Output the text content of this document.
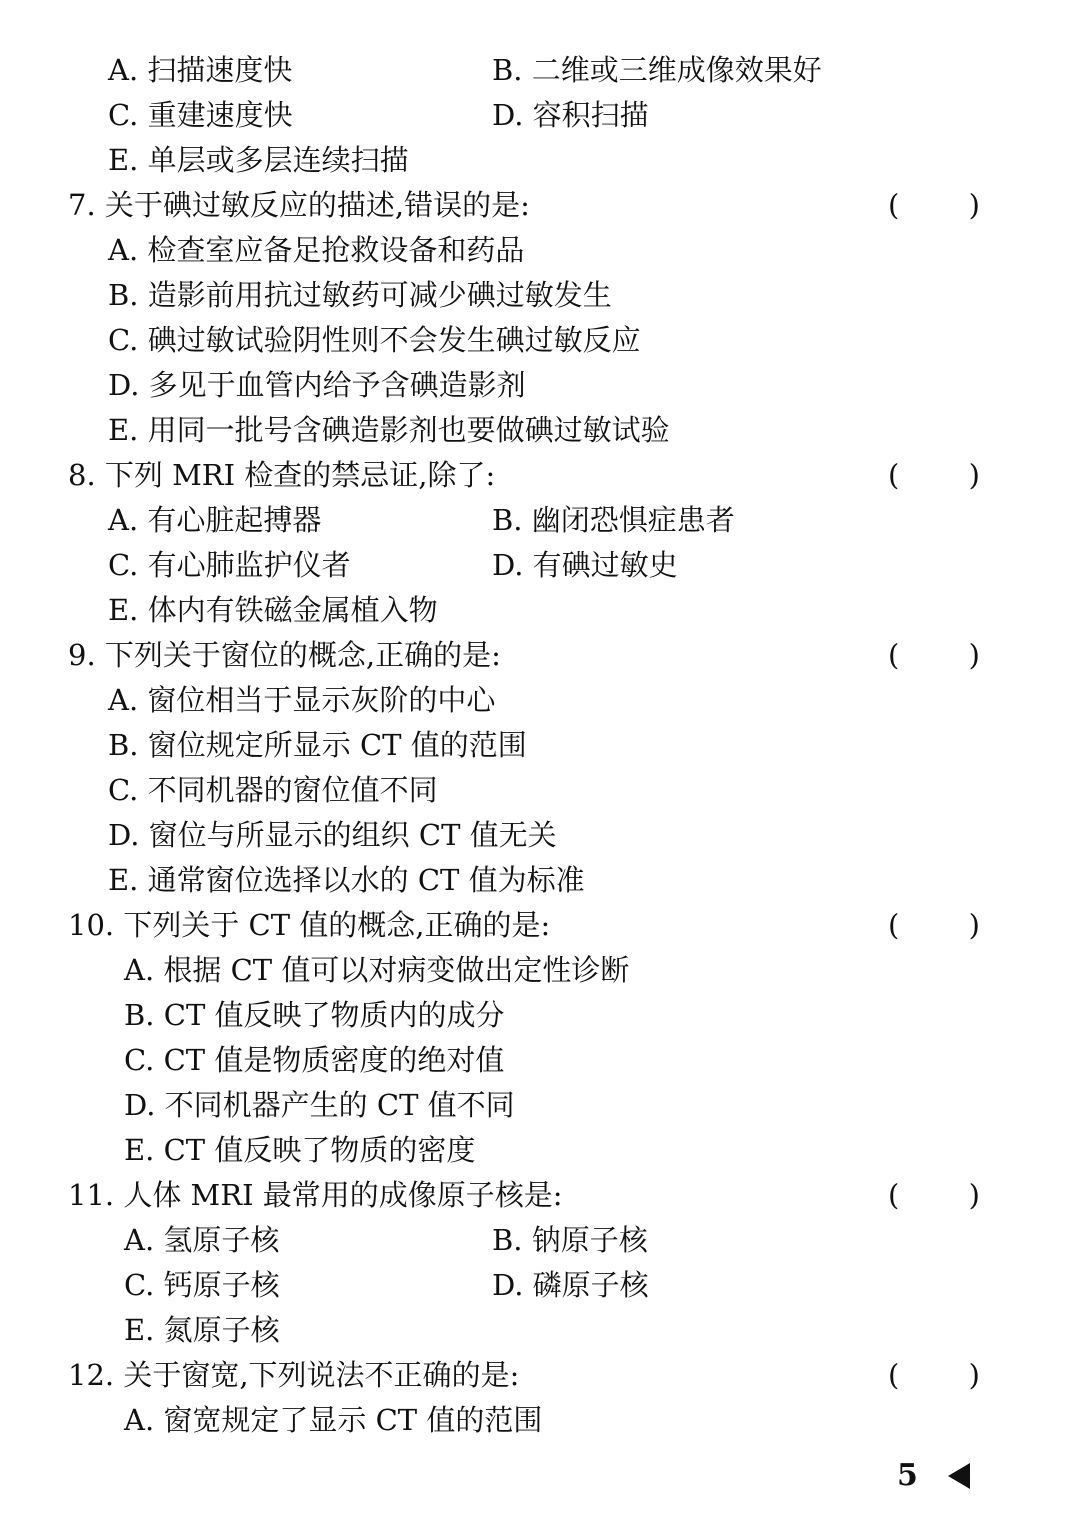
A. 扫描速度快	B. 二维或三维成像效果好
C. 重建速度快	D. 容积扫描
E. 单层或多层连续扫描
7. 关于碘过敏反应的描述,错误的是:	( )
A. 检查室应备足抢救设备和药品
B. 造影前用抗过敏药可减少碘过敏发生
C. 碘过敏试验阴性则不会发生碘过敏反应
D. 多见于血管内给予含碘造影剂
E. 用同一批号含碘造影剂也要做碘过敏试验
8. 下列 MRI 检查的禁忌证,除了:	( )
A. 有心脏起搏器	B. 幽闭恐惧症患者
C. 有心肺监护仪者	D. 有碘过敏史
E. 体内有铁磁金属植入物
9. 下列关于窗位的概念,正确的是:	( )
A. 窗位相当于显示灰阶的中心
B. 窗位规定所显示 CT 值的范围
C. 不同机器的窗位值不同
D. 窗位与所显示的组织 CT 值无关
E. 通常窗位选择以水的 CT 值为标准
10. 下列关于 CT 值的概念,正确的是:	( )
A. 根据 CT 值可以对病变做出定性诊断
B. CT 值反映了物质内的成分
C. CT 值是物质密度的绝对值
D. 不同机器产生的 CT 值不同
E. CT 值反映了物质的密度
11. 人体 MRI 最常用的成像原子核是:	( )
A. 氢原子核	B. 钠原子核
C. 钙原子核	D. 磷原子核
E. 氮原子核
12. 关于窗宽,下列说法不正确的是:	( )
A. 窗宽规定了显示 CT 值的范围
5
